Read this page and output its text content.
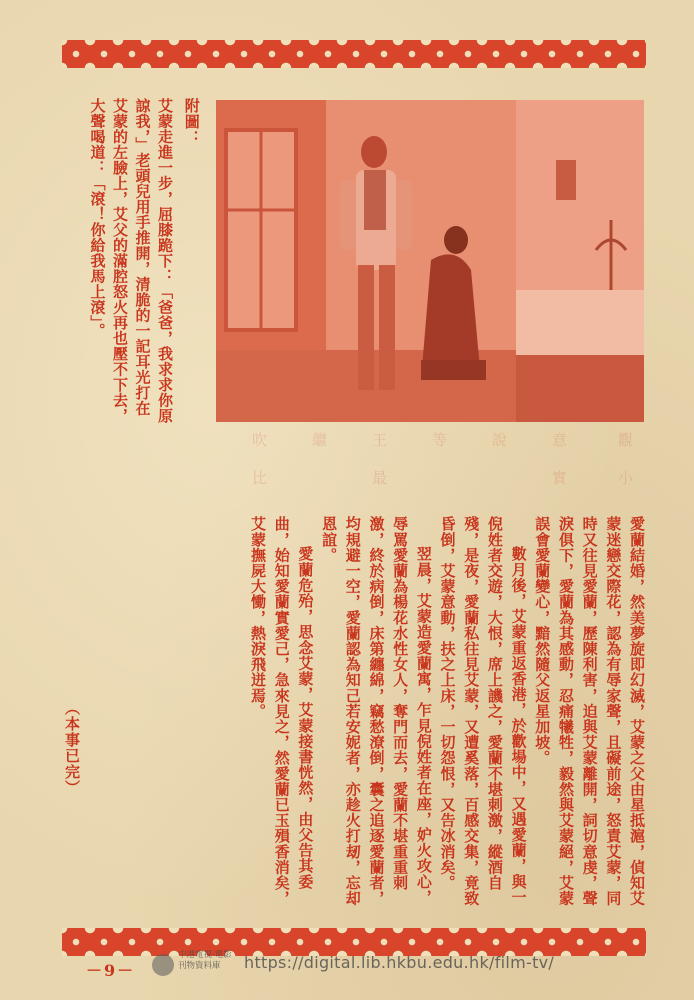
附圖：
艾蒙走進一步，屈膝跪下：「爸爸，我求求你原諒我，」老頭兒用手推開，清脆的一記耳光打在艾蒙的左臉上，艾父的滿腔怒火再也壓不下去，大聲喝道：「滾！你給我馬上滾」。
觀
小
意
實
說
等
王
最
繼
吹
比

愛蘭結婚，然美夢旋即幻滅，艾蒙之父由星抵滬，偵知艾蒙迷戀交際花，認為有辱家聲，且礙前途，怒責艾蒙，同時又往見愛蘭，歷陳利害，迫與艾蒙離開，詞切意虔，聲淚俱下，愛蘭為其感動，忍痛犧牲，毅然與艾蒙絕，艾蒙誤會愛蘭變心，黯然隨父返星加坡。

數月後，艾蒙重返香港，於歡場中，又遇愛蘭，與一倪姓者交遊，大恨，席上譏之，愛蘭不堪刺激，縱酒自殘，是夜，愛蘭私往見艾蒙，又遭奚落，百感交集，竟致昏倒，艾蒙意動，扶之上床，一切怨恨，又告冰消矣。

翌晨，艾蒙造愛蘭寓，乍見倪姓者在座，妒火攻心，辱罵愛蘭為楊花水性女人，奪門而去，愛蘭不堪重重刺激，終於病倒，床第纏綿，竊愁潦倒，囊之追逐愛蘭者，均規避一空，愛蘭認為知己若安妮者，亦趁火打刼，忘却恩誼。

愛蘭危殆，思念艾蒙，艾蒙接書恍然，由父告其委曲，始知愛蘭實愛己，急來見之，然愛蘭已玉殞香消矣，艾蒙撫屍大慟，熱淚飛迸焉。

（本事已完）
－9－
中港電視‧電影
刊物資料庫	https://digital.lib.hkbu.edu.hk/film-tv/
